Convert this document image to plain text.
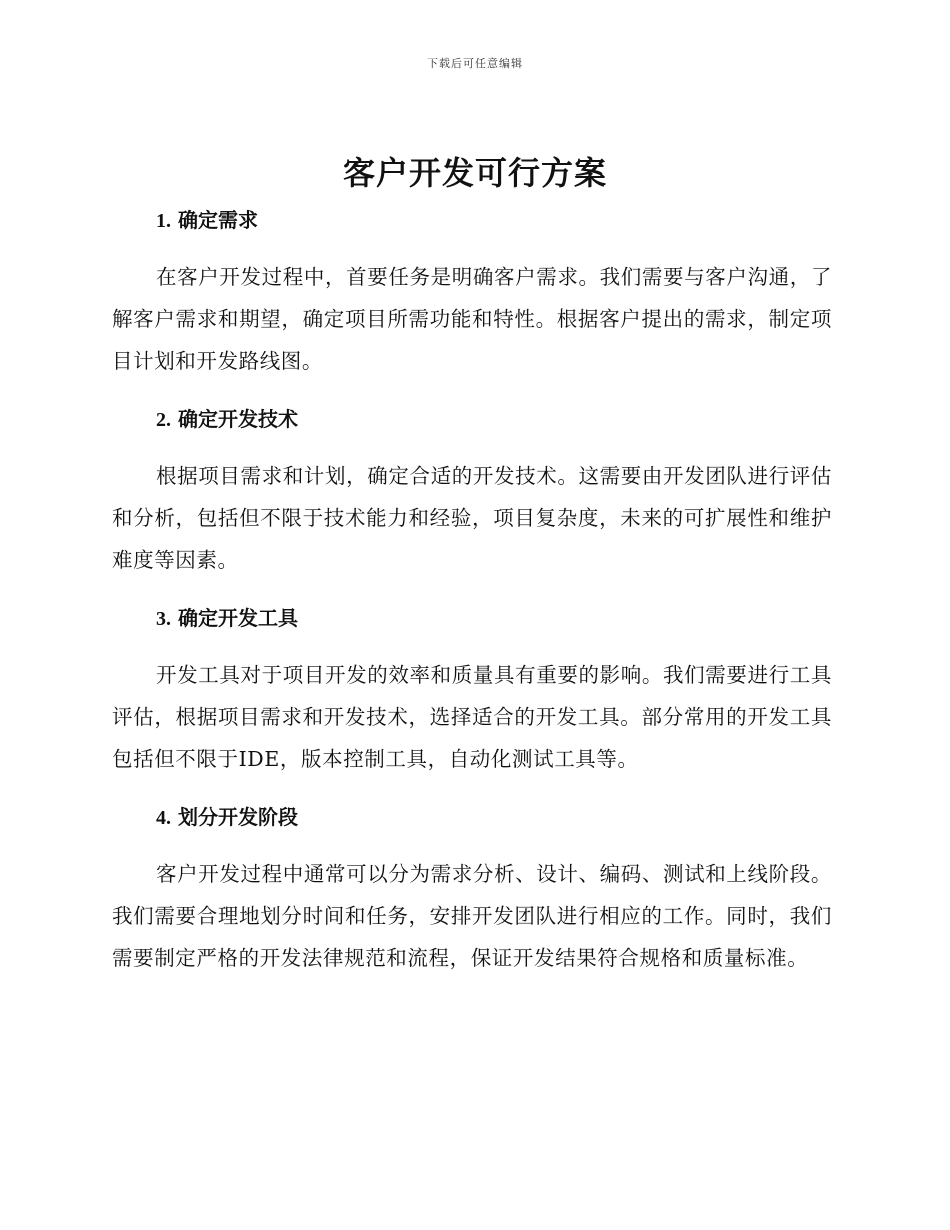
下载后可任意编辑
客户开发可行方案
1. 确定需求

在客户开发过程中，首要任务是明确客户需求。我们需要与客户沟通，了解客户需求和期望，确定项目所需功能和特性。根据客户提出的需求，制定项目计划和开发路线图。

2. 确定开发技术

根据项目需求和计划，确定合适的开发技术。这需要由开发团队进行评估和分析，包括但不限于技术能力和经验，项目复杂度，未来的可扩展性和维护难度等因素。

3. 确定开发工具

开发工具对于项目开发的效率和质量具有重要的影响。我们需要进行工具评估，根据项目需求和开发技术，选择适合的开发工具。部分常用的开发工具包括但不限于IDE，版本控制工具，自动化测试工具等。

4. 划分开发阶段

客户开发过程中通常可以分为需求分析、设计、编码、测试和上线阶段。我们需要合理地划分时间和任务，安排开发团队进行相应的工作。同时，我们需要制定严格的开发法律规范和流程，保证开发结果符合规格和质量标准。
